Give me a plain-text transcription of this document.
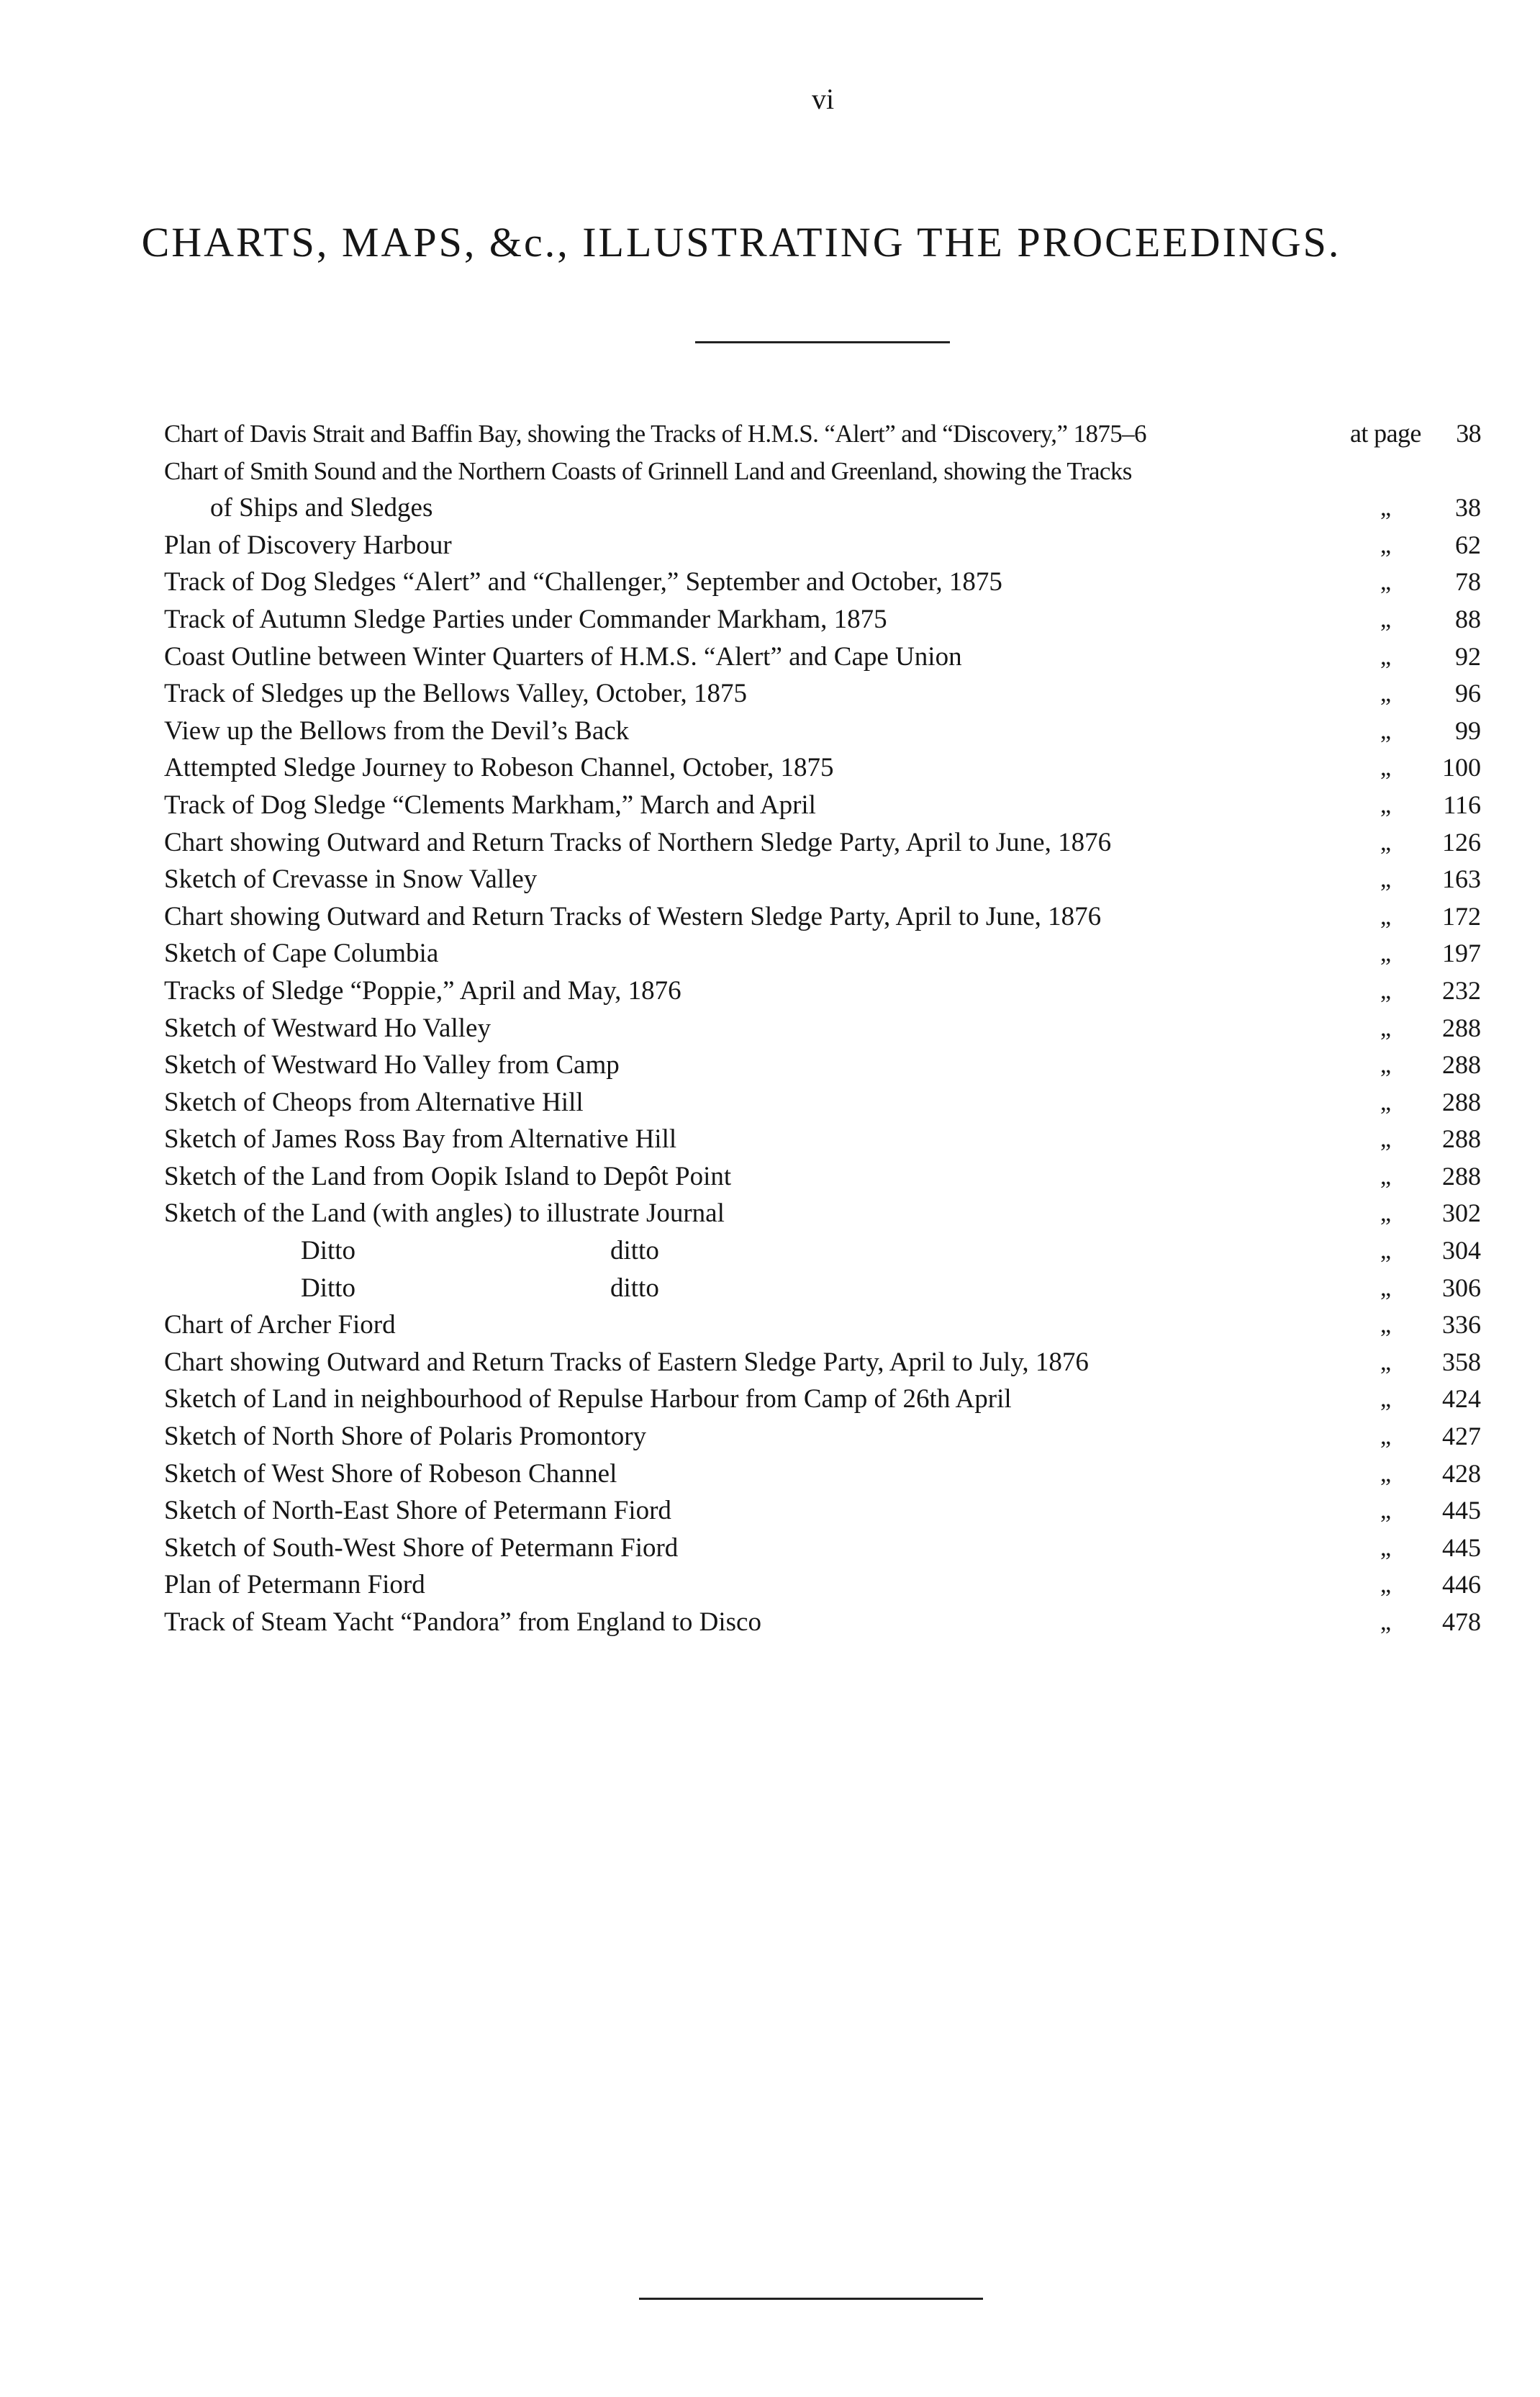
vi
CHARTS, MAPS, &c., ILLUSTRATING THE PROCEEDINGS.
Chart of Davis Strait and Baffin Bay, showing the Tracks of H.M.S. “Alert” and “Discovery,” 1875–6	at page	38
Chart of Smith Sound and the Northern Coasts of Grinnell Land and Greenland, showing the Tracks
of Ships and Sledges	„	38
Plan of Discovery Harbour	„	62
Track of Dog Sledges “Alert” and “Challenger,” September and October, 1875	„	78
Track of Autumn Sledge Parties under Commander Markham, 1875	„	88
Coast Outline between Winter Quarters of H.M.S. “Alert” and Cape Union	„	92
Track of Sledges up the Bellows Valley, October, 1875	„	96
View up the Bellows from the Devil’s Back	„	99
Attempted Sledge Journey to Robeson Channel, October, 1875	„	100
Track of Dog Sledge “Clements Markham,” March and April	„	116
Chart showing Outward and Return Tracks of Northern Sledge Party, April to June, 1876	„	126
Sketch of Crevasse in Snow Valley	„	163
Chart showing Outward and Return Tracks of Western Sledge Party, April to June, 1876	„	172
Sketch of Cape Columbia	„	197
Tracks of Sledge “Poppie,” April and May, 1876	„	232
Sketch of Westward Ho Valley	„	288
Sketch of Westward Ho Valley from Camp	„	288
Sketch of Cheops from Alternative Hill	„	288
Sketch of James Ross Bay from Alternative Hill	„	288
Sketch of the Land from Oopik Island to Depôt Point	„	288
Sketch of the Land (with angles) to illustrate Journal	„	302
Ditto	ditto	„	304
Ditto	ditto	„	306
Chart of Archer Fiord	„	336
Chart showing Outward and Return Tracks of Eastern Sledge Party, April to July, 1876	„	358
Sketch of Land in neighbourhood of Repulse Harbour from Camp of 26th April	„	424
Sketch of North Shore of Polaris Promontory	„	427
Sketch of West Shore of Robeson Channel	„	428
Sketch of North-East Shore of Petermann Fiord	„	445
Sketch of South-West Shore of Petermann Fiord	„	445
Plan of Petermann Fiord	„	446
Track of Steam Yacht “Pandora” from England to Disco	„	478
